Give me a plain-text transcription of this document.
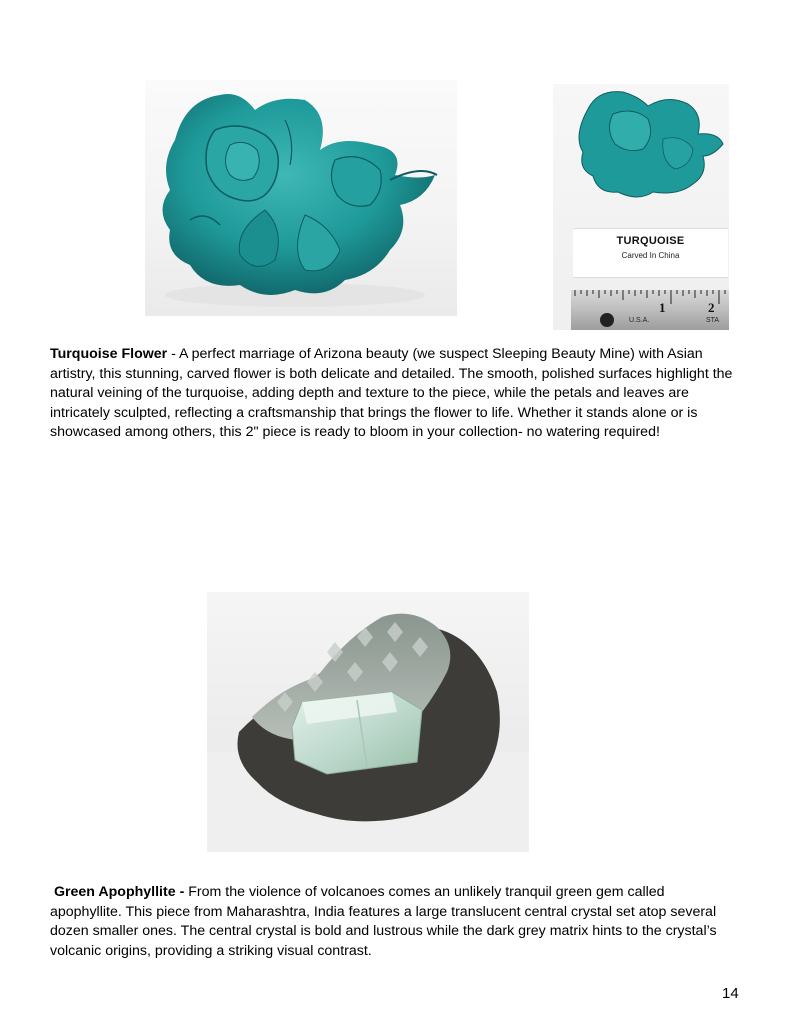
TURQUOISE
Carved In China
1	2
U.S.A.	STA

Turquoise Flower - A perfect marriage of Arizona beauty (we suspect Sleeping Beauty Mine) with Asian artistry, this stunning, carved flower is both delicate and detailed. The smooth, polished surfaces highlight the natural veining of the turquoise, adding depth and texture to the piece, while the petals and leaves are intricately sculpted, reflecting a craftsmanship that brings the flower to life. Whether it stands alone or is showcased among others, this 2" piece is ready to bloom in your collection- no watering required!

Green Apophyllite - From the violence of volcanoes comes an unlikely tranquil green gem called apophyllite. This piece from Maharashtra, India features a large translucent central crystal set atop several dozen smaller ones. The central crystal is bold and lustrous while the dark grey matrix hints to the crystal’s volcanic origins, providing a striking visual contrast.

14
